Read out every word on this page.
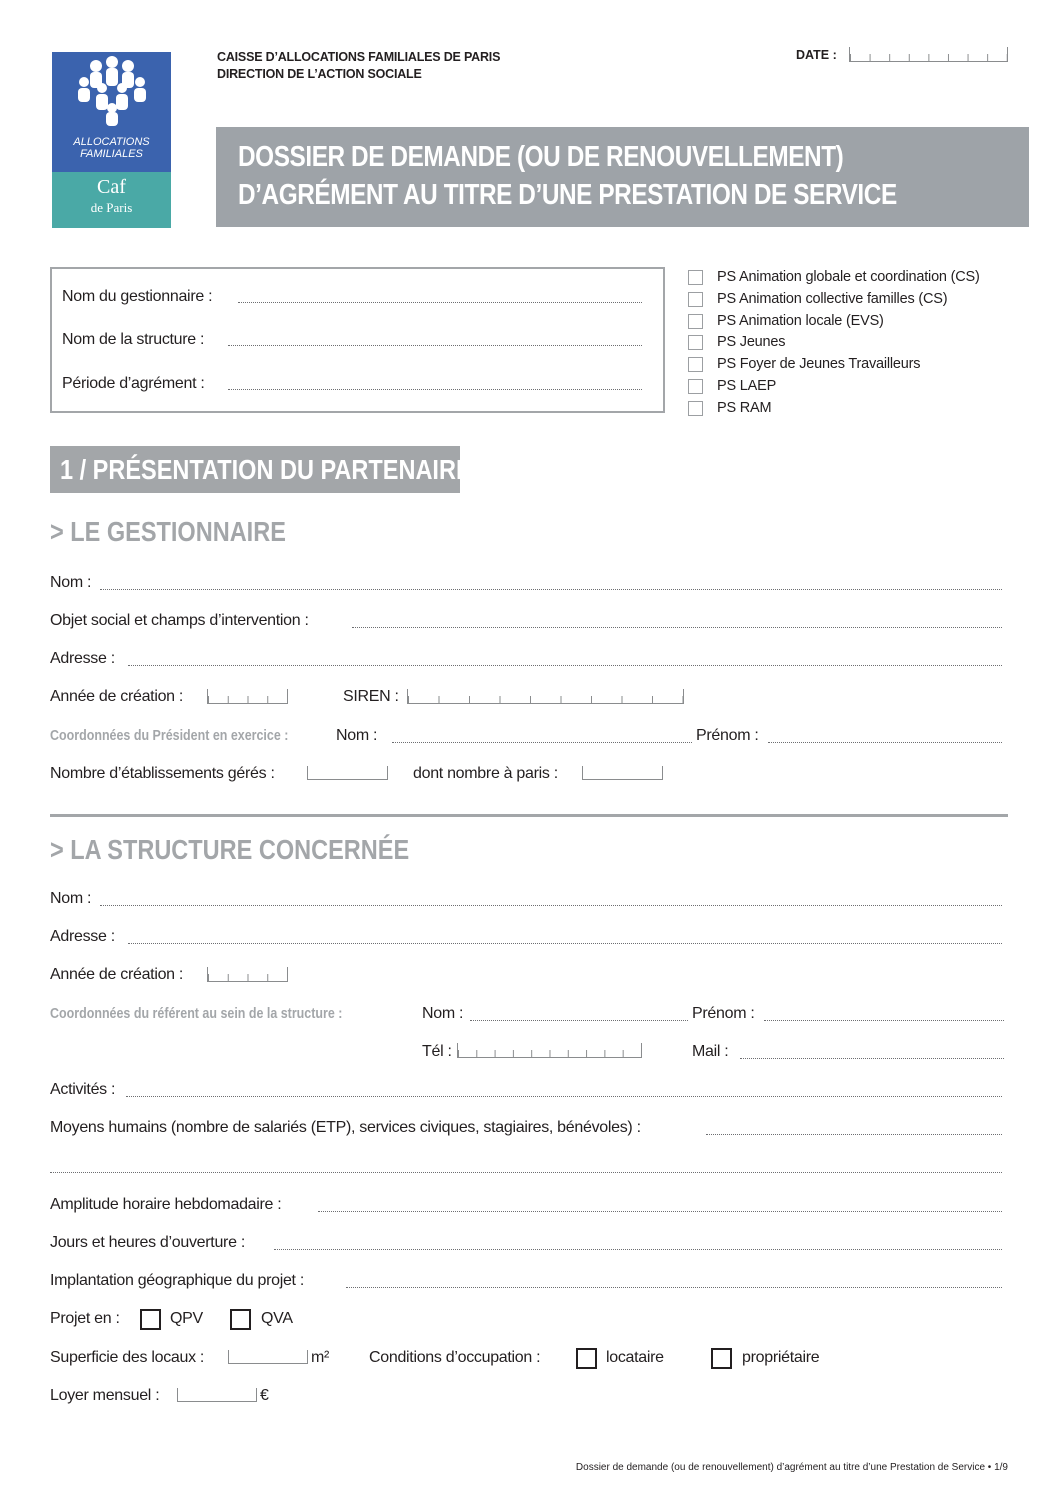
ALLOCATIONS
FAMILIALES
Caf
de Paris
CAISSE D’ALLOCATIONS FAMILIALES DE PARIS
DIRECTION DE L’ACTION SOCIALE
DATE :
DOSSIER DE DEMANDE (OU DE RENOUVELLEMENT)
D’AGRÉMENT AU TITRE D’UNE PRESTATION DE SERVICE
Nom du gestionnaire :
Nom de la structure :
Période d’agrément :
PS Animation globale et coordination (CS)
PS Animation collective familles (CS)
PS Animation locale (EVS)
PS Jeunes
PS Foyer de Jeunes Travailleurs
PS LAEP
PS RAM
1 / PRÉSENTATION DU PARTENAIRE
> LE GESTIONNAIRE
Nom :
Objet social et champs d’intervention :
Adresse :
Année de création :	SIREN :
Coordonnées du Président en exercice :	Nom :	Prénom :
Nombre d’établissements gérés :	dont nombre à paris :
> LA STRUCTURE CONCERNÉE
Nom :
Adresse :
Année de création :
Coordonnées du référent au sein de la structure :	Nom :	Prénom :
Tél :	Mail :
Activités :
Moyens humains (nombre de salariés (ETP), services civiques, stagiaires, bénévoles) :
Amplitude horaire hebdomadaire :
Jours et heures d’ouverture :
Implantation géographique du projet :
Projet en :	QPV	QVA
Superficie des locaux :	m² Conditions d’occupation :	locataire	propriétaire
Loyer mensuel :	€
Dossier de demande (ou de renouvellement) d’agrément au titre d’une Prestation de Service • 1/9
